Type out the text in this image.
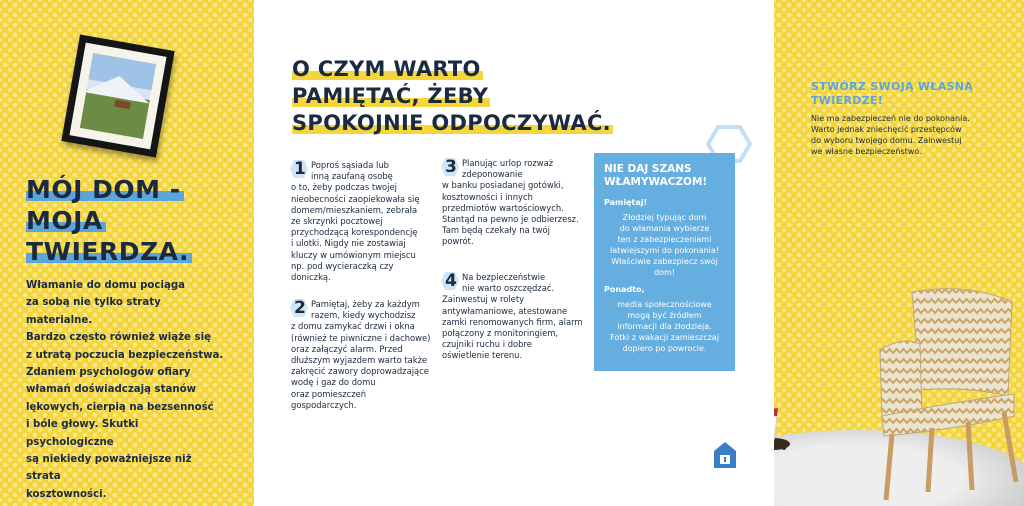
MÓJ DOM -
MOJA
TWIERDZA.
Włamanie do domu pociąga
za sobą nie tylko straty materialne.
Bardzo często również wiąże się
z utratą poczucia bezpieczeństwa.
Zdaniem psychologów ofiary
włamań doświadczają stanów
lękowych, cierpią na bezsenność
i bóle głowy. Skutki psychologiczne
są niekiedy poważniejsze niż strata
kosztowności.
O CZYM WARTO
PAMIĘTAĆ, ŻEBY
SPOKOJNIE ODPOCZYWAĆ.
1 Poproś sąsiada lub
inną zaufaną osobę
o to, żeby podczas twojej
nieobecności zaopiekowała się
domem/mieszkaniem, zebrała
ze skrzynki pocztowej
przychodzącą korespondencję
i ulotki. Nigdy nie zostawiaj
kluczy w umówionym miejscu
np. pod wycieraczką czy
doniczką.
2 Pamiętaj, żeby za każdym
razem, kiedy wychodzisz
z domu zamykać drzwi i okna
(również te piwniczne i dachowe)
oraz załączyć alarm. Przed
dłuższym wyjazdem warto także
zakręcić zawory doprowadzające
wodę i gaz do domu
oraz pomieszczeń
gospodarczych.
3 Planując urlop rozważ
zdeponowanie
w banku posiadanej gotówki,
kosztowności i innych
przedmiotów wartościowych.
Stantąd na pewno je odbierzesz.
Tam będą czekały na twój
powrót.
4 Na bezpieczeństwie
nie warto oszczędzać.
Zainwestuj w rolety
antywłamaniowe, atestowane
zamki renomowanych firm, alarm
połączony z monitoringiem,
czujniki ruchu i dobre
oświetlenie terenu.
NIE DAJ SZANS
WŁAMYWACZOM!
Pamiętaj!
Złodziej typując dom
do włamania wybierze
ten z zabezpieczeniami
łatwiejszymi do pokonania!
Właściwie zabezpiecz swój
dom!
Ponadto,
media społecznościowe
mogą być źródłem
informacji dla złodzieja.
Fotki z wakacji zamieszczaj
dopiero po powrocie.
STWÓRZ SWOJĄ WŁASNĄ
TWIERDZĘ!
Nie ma zabezpieczeń nie do pokonania.
Warto jednak zniechęcić przestępców
do wyboru twojego domu. Zainwestuj
we własne bezpieczeństwo.
